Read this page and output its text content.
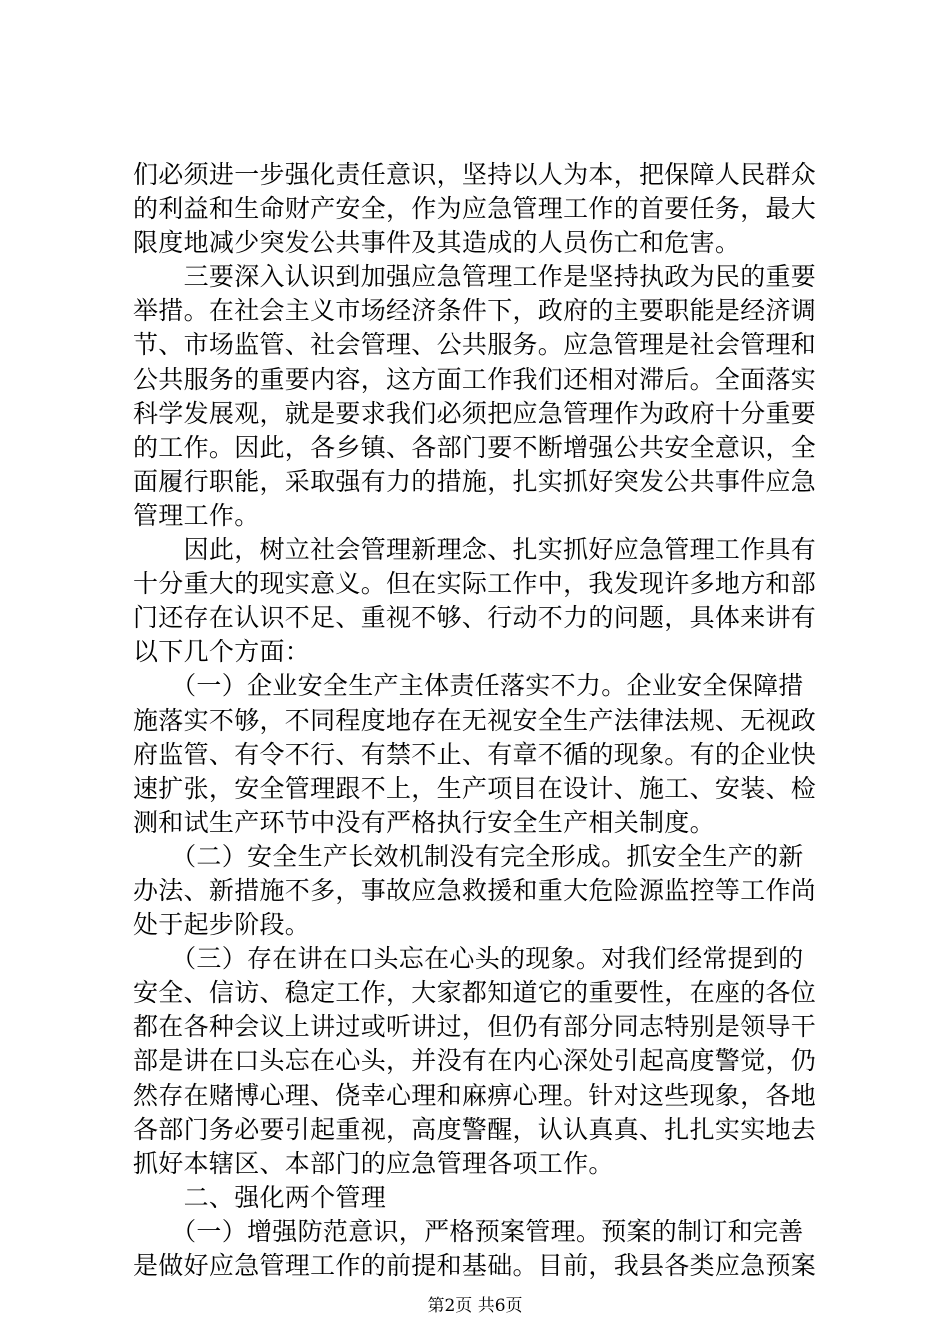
们必须进一步强化责任意识，坚持以人为本，把保障人民群众
的利益和生命财产安全，作为应急管理工作的首要任务，最大
限度地减少突发公共事件及其造成的人员伤亡和危害。
　　三要深入认识到加强应急管理工作是坚持执政为民的重要
举措。在社会主义市场经济条件下，政府的主要职能是经济调
节、市场监管、社会管理、公共服务。应急管理是社会管理和
公共服务的重要内容，这方面工作我们还相对滞后。全面落实
科学发展观，就是要求我们必须把应急管理作为政府十分重要
的工作。因此，各乡镇、各部门要不断增强公共安全意识，全
面履行职能，采取强有力的措施，扎实抓好突发公共事件应急
管理工作。
　　因此，树立社会管理新理念、扎实抓好应急管理工作具有
十分重大的现实意义。但在实际工作中，我发现许多地方和部
门还存在认识不足、重视不够、行动不力的问题，具体来讲有
以下几个方面：
　　（一）企业安全生产主体责任落实不力。企业安全保障措
施落实不够，不同程度地存在无视安全生产法律法规、无视政
府监管、有令不行、有禁不止、有章不循的现象。有的企业快
速扩张，安全管理跟不上，生产项目在设计、施工、安装、检
测和试生产环节中没有严格执行安全生产相关制度。
　　（二）安全生产长效机制没有完全形成。抓安全生产的新
办法、新措施不多，事故应急救援和重大危险源监控等工作尚
处于起步阶段。
　　（三）存在讲在口头忘在心头的现象。对我们经常提到的
安全、信访、稳定工作，大家都知道它的重要性，在座的各位
都在各种会议上讲过或听讲过，但仍有部分同志特别是领导干
部是讲在口头忘在心头，并没有在内心深处引起高度警觉，仍
然存在赌博心理、侥幸心理和麻痹心理。针对这些现象，各地
各部门务必要引起重视，高度警醒，认认真真、扎扎实实地去
抓好本辖区、本部门的应急管理各项工作。
　　二、强化两个管理
　　（一）增强防范意识，严格预案管理。预案的制订和完善
是做好应急管理工作的前提和基础。目前，我县各类应急预案
第2页 共6页
